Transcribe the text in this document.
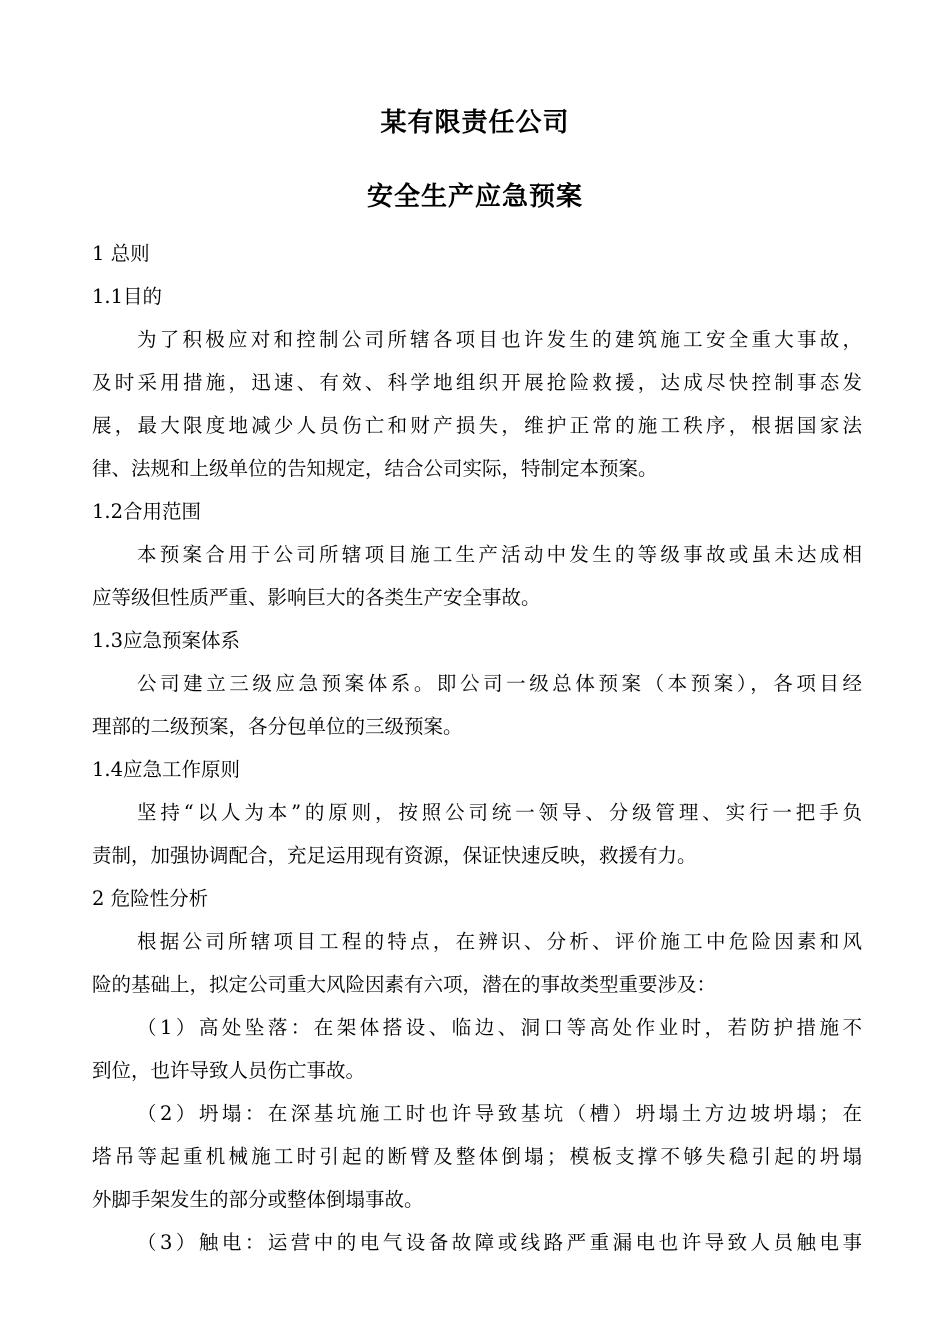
某有限责任公司
安全生产应急预案
1 总则
1.1目的
为了积极应对和控制公司所辖各项目也许发生的建筑施工安全重大事故，
及时采用措施，迅速、有效、科学地组织开展抢险救援，达成尽快控制事态发
展，最大限度地减少人员伤亡和财产损失，维护正常的施工秩序，根据国家法
律、法规和上级单位的告知规定，结合公司实际，特制定本预案。
1.2合用范围
本预案合用于公司所辖项目施工生产活动中发生的等级事故或虽未达成相
应等级但性质严重、影响巨大的各类生产安全事故。
1.3应急预案体系
公司建立三级应急预案体系。即公司一级总体预案（本预案），各项目经
理部的二级预案，各分包单位的三级预案。
1.4应急工作原则
坚持“以人为本”的原则，按照公司统一领导、分级管理、实行一把手负
责制，加强协调配合，充足运用现有资源，保证快速反映，救援有力。
2 危险性分析
根据公司所辖项目工程的特点，在辨识、分析、评价施工中危险因素和风
险的基础上，拟定公司重大风险因素有六项，潜在的事故类型重要涉及：
（1）高处坠落：在架体搭设、临边、洞口等高处作业时，若防护措施不
到位，也许导致人员伤亡事故。
（2）坍塌：在深基坑施工时也许导致基坑（槽）坍塌土方边坡坍塌；在
塔吊等起重机械施工时引起的断臂及整体倒塌；模板支撑不够失稳引起的坍塌
外脚手架发生的部分或整体倒塌事故。
（3）触电：运营中的电气设备故障或线路严重漏电也许导致人员触电事
